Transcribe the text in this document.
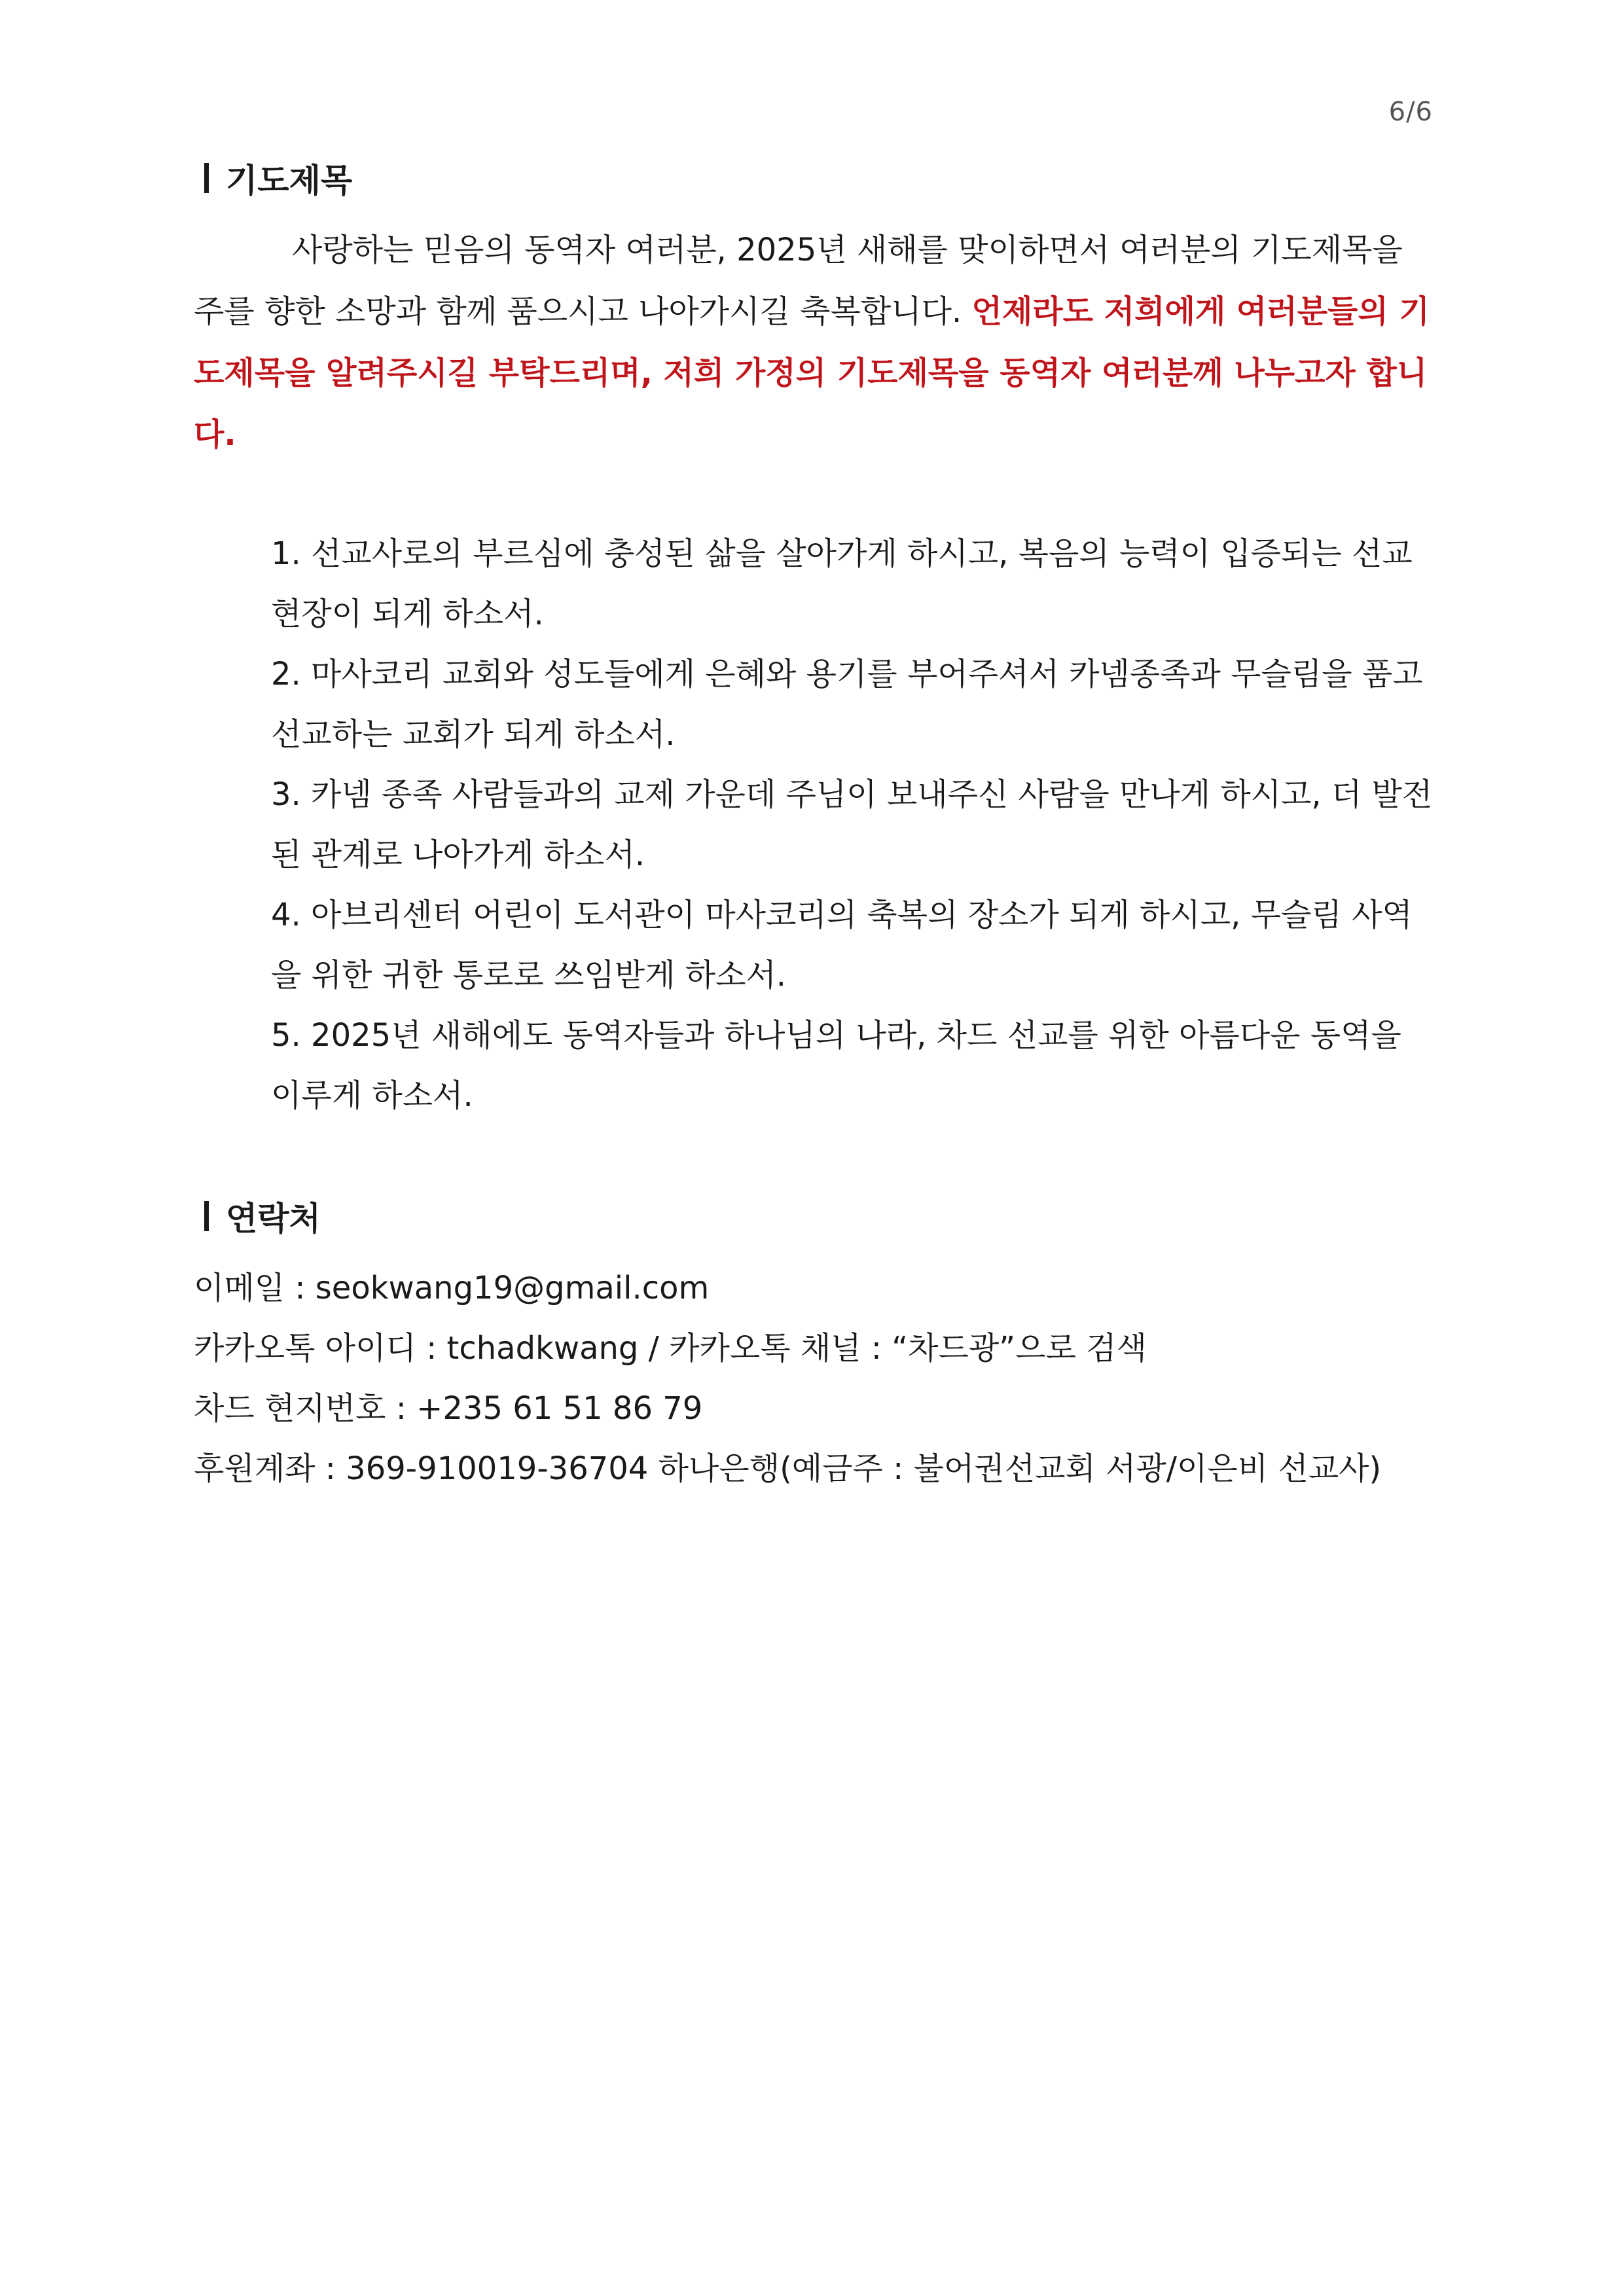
6/6
기도제목

사랑하는 믿음의 동역자 여러분, 2025년 새해를 맞이하면서 여러분의 기도제목을 주를 향한 소망과 함께 품으시고 나아가시길 축복합니다. 언제라도 저희에게 여러분들의 기도제목을 알려주시길 부탁드리며, 저희 가정의 기도제목을 동역자 여러분께 나누고자 합니다.

1. 선교사로의 부르심에 충성된 삶을 살아가게 하시고, 복음의 능력이 입증되는 선교현장이 되게 하소서.
2. 마사코리 교회와 성도들에게 은혜와 용기를 부어주셔서 카넴종족과 무슬림을 품고 선교하는 교회가 되게 하소서.
3. 카넴 종족 사람들과의 교제 가운데 주님이 보내주신 사람을 만나게 하시고, 더 발전된 관계로 나아가게 하소서.
4. 아브리센터 어린이 도서관이 마사코리의 축복의 장소가 되게 하시고, 무슬림 사역을 위한 귀한 통로로 쓰임받게 하소서.
5. 2025년 새해에도 동역자들과 하나님의 나라, 차드 선교를 위한 아름다운 동역을 이루게 하소서.
연락처
이메일 : seokwang19@gmail.com
카카오톡 아이디 : tchadkwang / 카카오톡 채널 : “차드광”으로 검색
차드 현지번호 : +235 61 51 86 79
후원계좌 : 369-910019-36704 하나은행(예금주 : 불어권선교회 서광/이은비 선교사)
